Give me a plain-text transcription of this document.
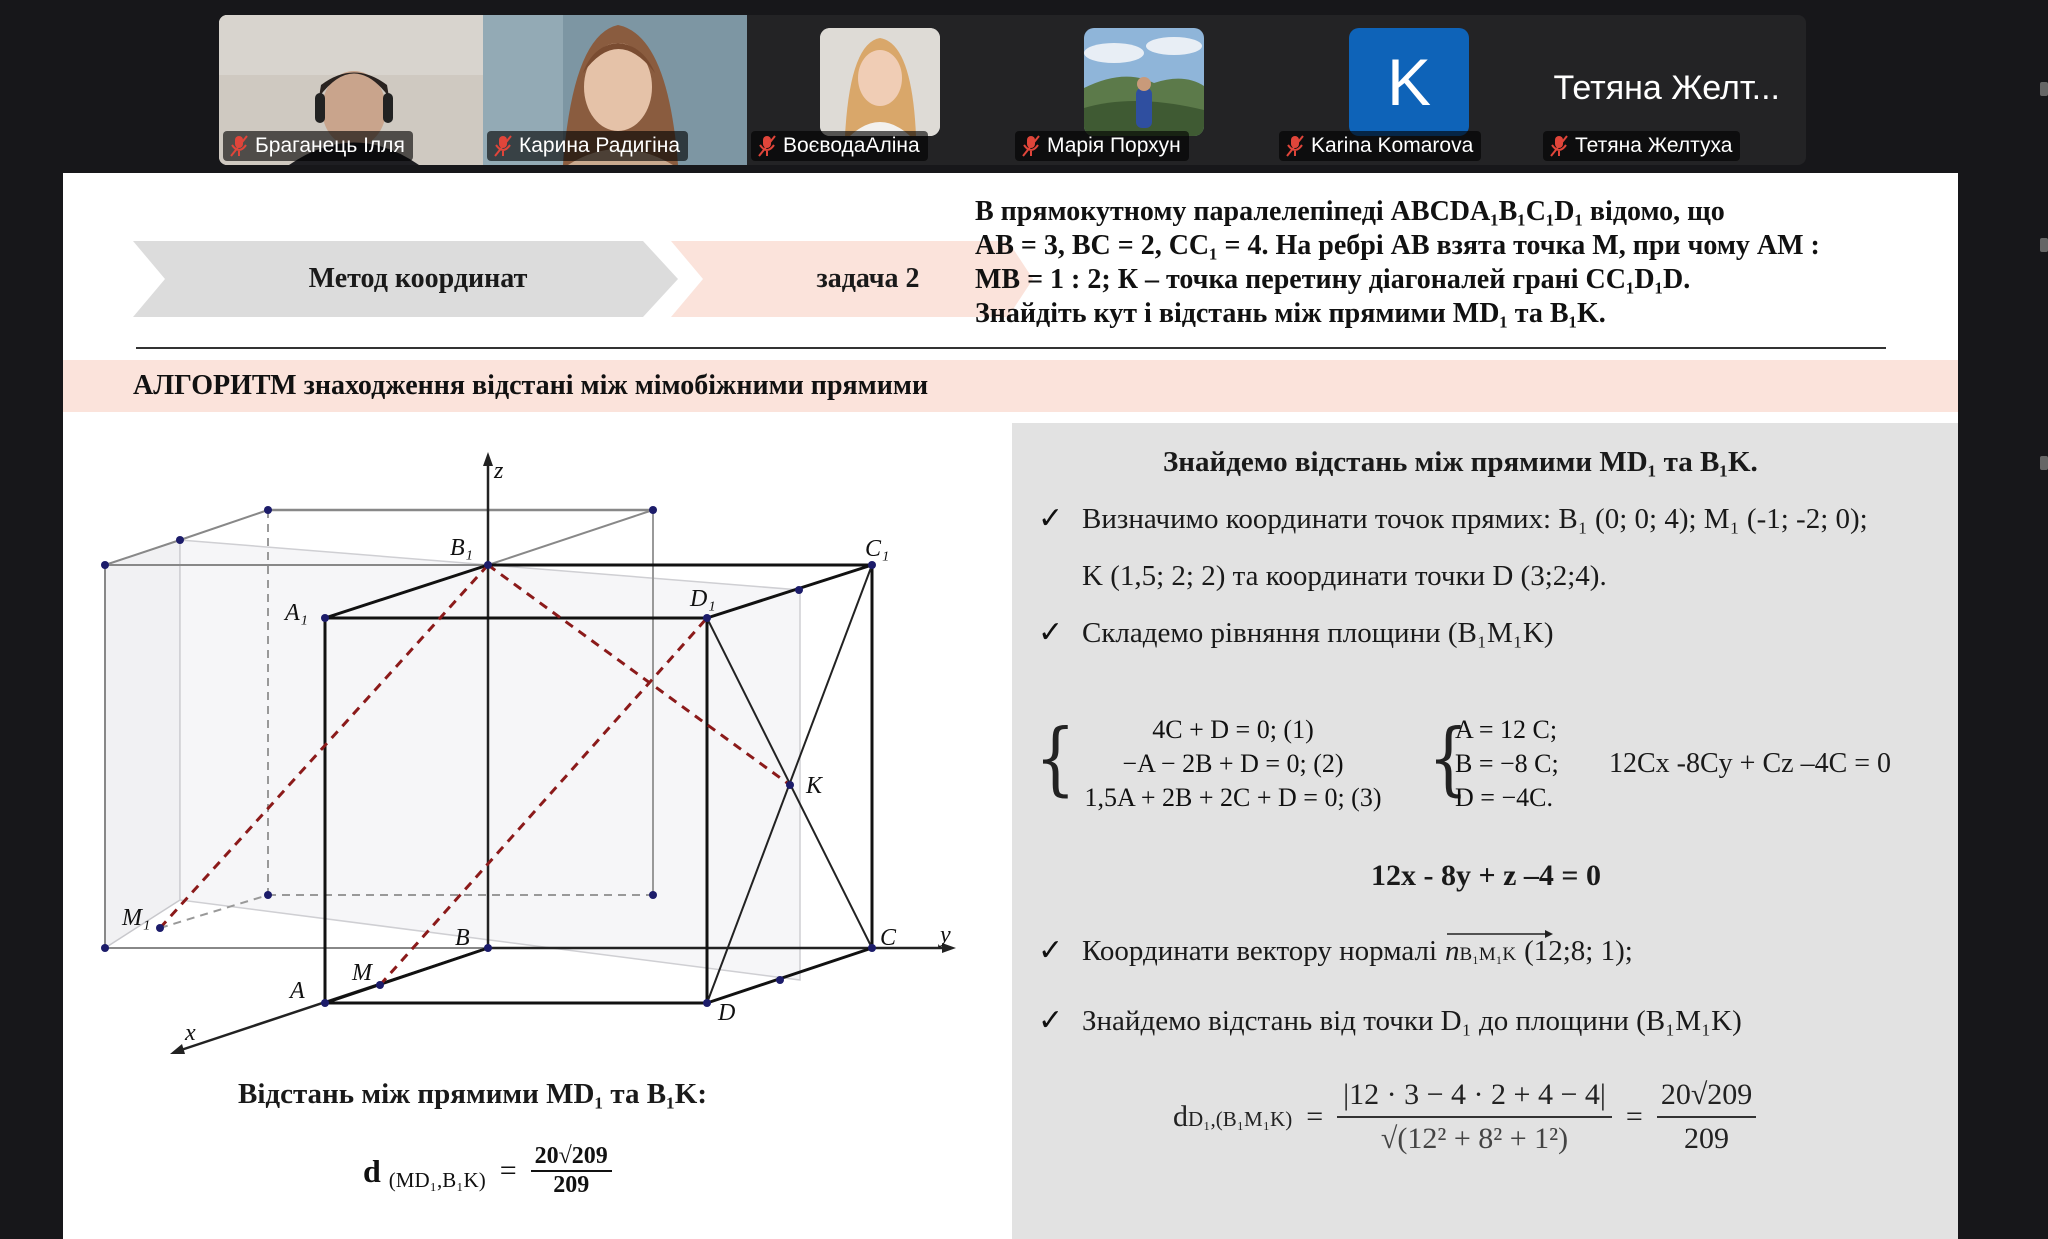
Браганець Ілля	Карина Радигіна	ВоєводаАліна	Марія Порхун
K
Karina Komarova
Тетяна Желт...
Тетяна Желтуха
Метод координат	задача 2
В прямокутному паралелепіпеді ABCDA₁B₁C₁D₁ відомо, що
AB = 3, BC = 2, CC₁ = 4. На ребрі AB взята точка M, при чому AM :
MB = 1 : 2; К – точка перетину діагоналей грані CC₁D₁D.
Знайдіть кут і відстань між прямими MD₁ та B₁K.
АЛГОРИТМ знаходження відстані між мімобіжними прямими
z
y
x
B₁	C₁
A₁
D₁
K
M₁
B	C
M
A
D
Відстань між прямими MD₁ та B₁K:
d $(MD_1,B_1K) = \frac{20√209}{209}$
Знайдемо відстань між прямими MD₁ та B₁K.
✓ Визначимо координати точок прямих: B₁ (0; 0; 4); M₁ (-1; -2; 0);
K (1,5; 2; 2) та координати точки D (3;2;4).
✓ Складемо рівняння площини (B₁M₁K)
{	4C + D = 0; (1)
−A − 2B + D = 0; (2)
1,5A + 2B + 2C + D = 0; (3) {
A = 12 C;
B = −8 C;
D = −4C.
12Cx -8Cy + Cz –4C = 0
12x - 8y + z –4 = 0
✓ Координати вектору нормалі nB₁M₁K (12;8; 1);
✓ Знайдемо відстань від точки D₁ до площини (B₁M₁K)
$dD_1,(B_1M_1K) = \frac{|12 \cdot 3 - 4 \cdot 2 + 4 - 4|}{\text{√(12² + 8² + 1²)}} = \frac{20√209}{209}$
